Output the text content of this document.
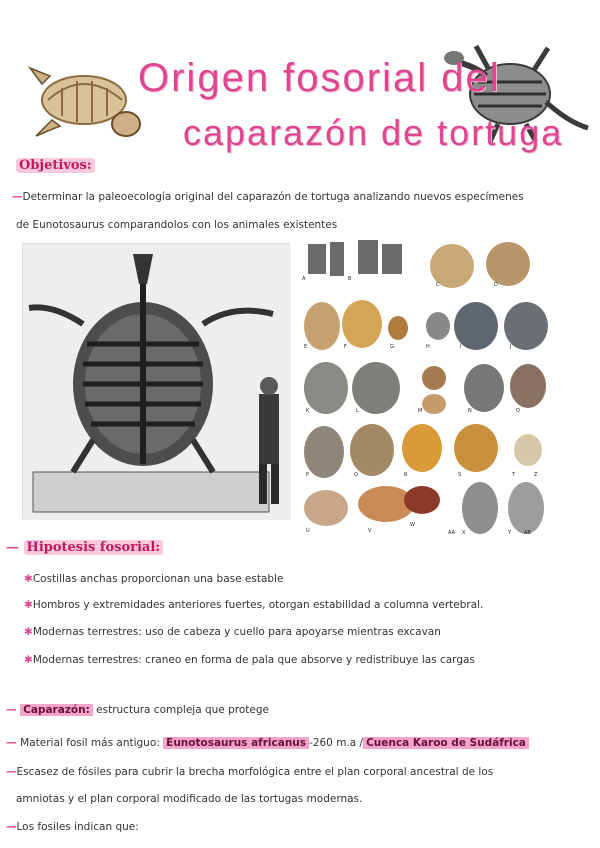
Origen fosorial del
caparazón de tortuga
Objetivos:
—Determinar la paleoecología original del caparazón de tortuga analizando nuevos especímenes
de Eunotosaurus comparandolos con los animales existentes
A	B
C	D
E	F	G	H	I	J
K	L	M	N	O
P	Q	R	S	T
U	V
W
X	Y
Z
AA	AB
— Hipotesis fosorial:
✱Costillas anchas proporcionan una base estable
✱Hombros y extremidades anteriores fuertes, otorgan estabilidad a columna vertebral.
✱Modernas terrestres: uso de cabeza y cuello para apoyarse mientras excavan
✱Modernas terrestres: craneo en forma de pala que absorve y redistribuye las cargas
— Caparazón: estructura compleja que protege
— Material fosil más antiguo: Eunotosaurus africanus -260 m.a / Cuenca Karoo de Sudáfrica
—Escasez de fósiles para cubrir la brecha morfológica entre el plan corporal ancestral de los
amniotas y el plan corporal modificado de las tortugas modernas.
—Los fosiles indican que:
